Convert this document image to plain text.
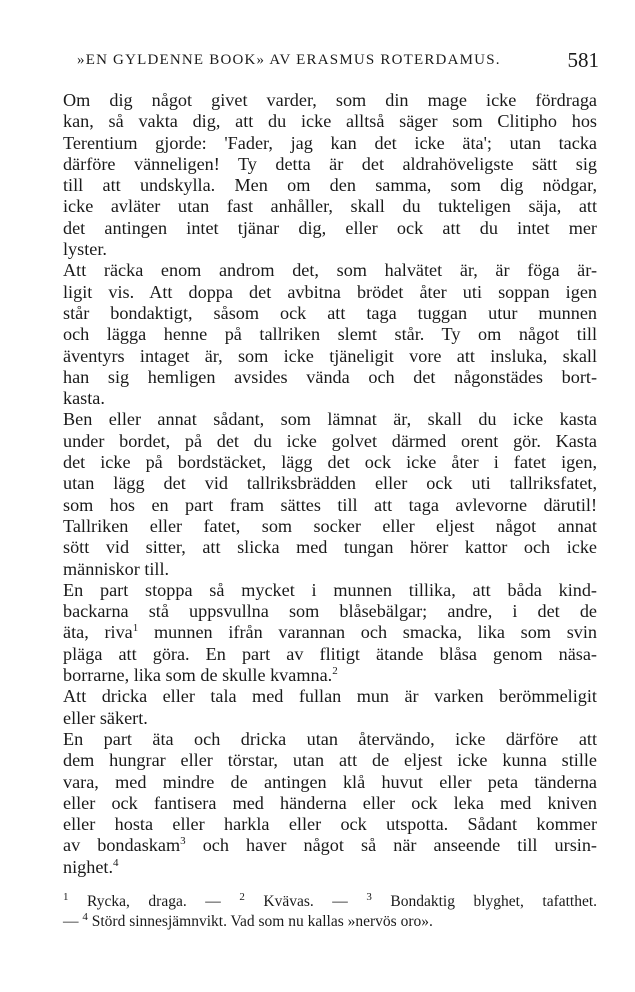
»EN GYLDENNE BOOK» AV ERASMUS ROTERDAMUS.	581
Om dig något givet varder, som din mage icke fördraga
kan, så vakta dig, att du icke alltså säger som Clitipho hos
Terentium gjorde: 'Fader, jag kan det icke äta'; utan tacka
därföre vänneligen! Ty detta är det aldrahöveligste sätt sig
till att undskylla. Men om den samma, som dig nödgar,
icke avläter utan fast anhåller, skall du tukteligen säja, att
det antingen intet tjänar dig, eller ock att du intet mer
lyster.
Att räcka enom androm det, som halvätet är, är föga är-
ligit vis. Att doppa det avbitna brödet åter uti soppan igen
står bondaktigt, såsom ock att taga tuggan utur munnen
och lägga henne på tallriken slemt står. Ty om något till
äventyrs intaget är, som icke tjäneligit vore att insluka, skall
han sig hemligen avsides vända och det någonstädes bort-
kasta.
Ben eller annat sådant, som lämnat är, skall du icke kasta
under bordet, på det du icke golvet därmed orent gör. Kasta
det icke på bordstäcket, lägg det ock icke åter i fatet igen,
utan lägg det vid tallriksbrädden eller ock uti tallriksfatet,
som hos en part fram sättes till att taga avlevorne därutil!
Tallriken eller fatet, som socker eller eljest något annat
sött vid sitter, att slicka med tungan hörer kattor och icke
människor till.
En part stoppa så mycket i munnen tillika, att båda kind-
backarna stå uppsvullna som blåsebälgar; andre, i det de
äta, riva$^1$ munnen ifrån varannan och smacka, lika som svin
pläga att göra. En part av flitigt ätande blåsa genom näsa-
borrarne, lika som de skulle kvamna.$^2$
Att dricka eller tala med fullan mun är varken berömmeligit
eller säkert.
En part äta och dricka utan återvändo, icke därföre att
dem hungrar eller törstar, utan att de eljest icke kunna stille
vara, med mindre de antingen klå huvut eller peta tänderna
eller ock fantisera med händerna eller ock leka med kniven
eller hosta eller harkla eller ock utspotta. Sådant kommer
av bondaskam$^3$ och haver något så när anseende till ursin-
nighet.$^4$
$^1$ Rycka, draga. — $^2$ Kvävas. — $^3$ Bondaktig blyghet, tafatthet.
— $^4$ Störd sinnesjämnvikt. Vad som nu kallas »nervös oro».
